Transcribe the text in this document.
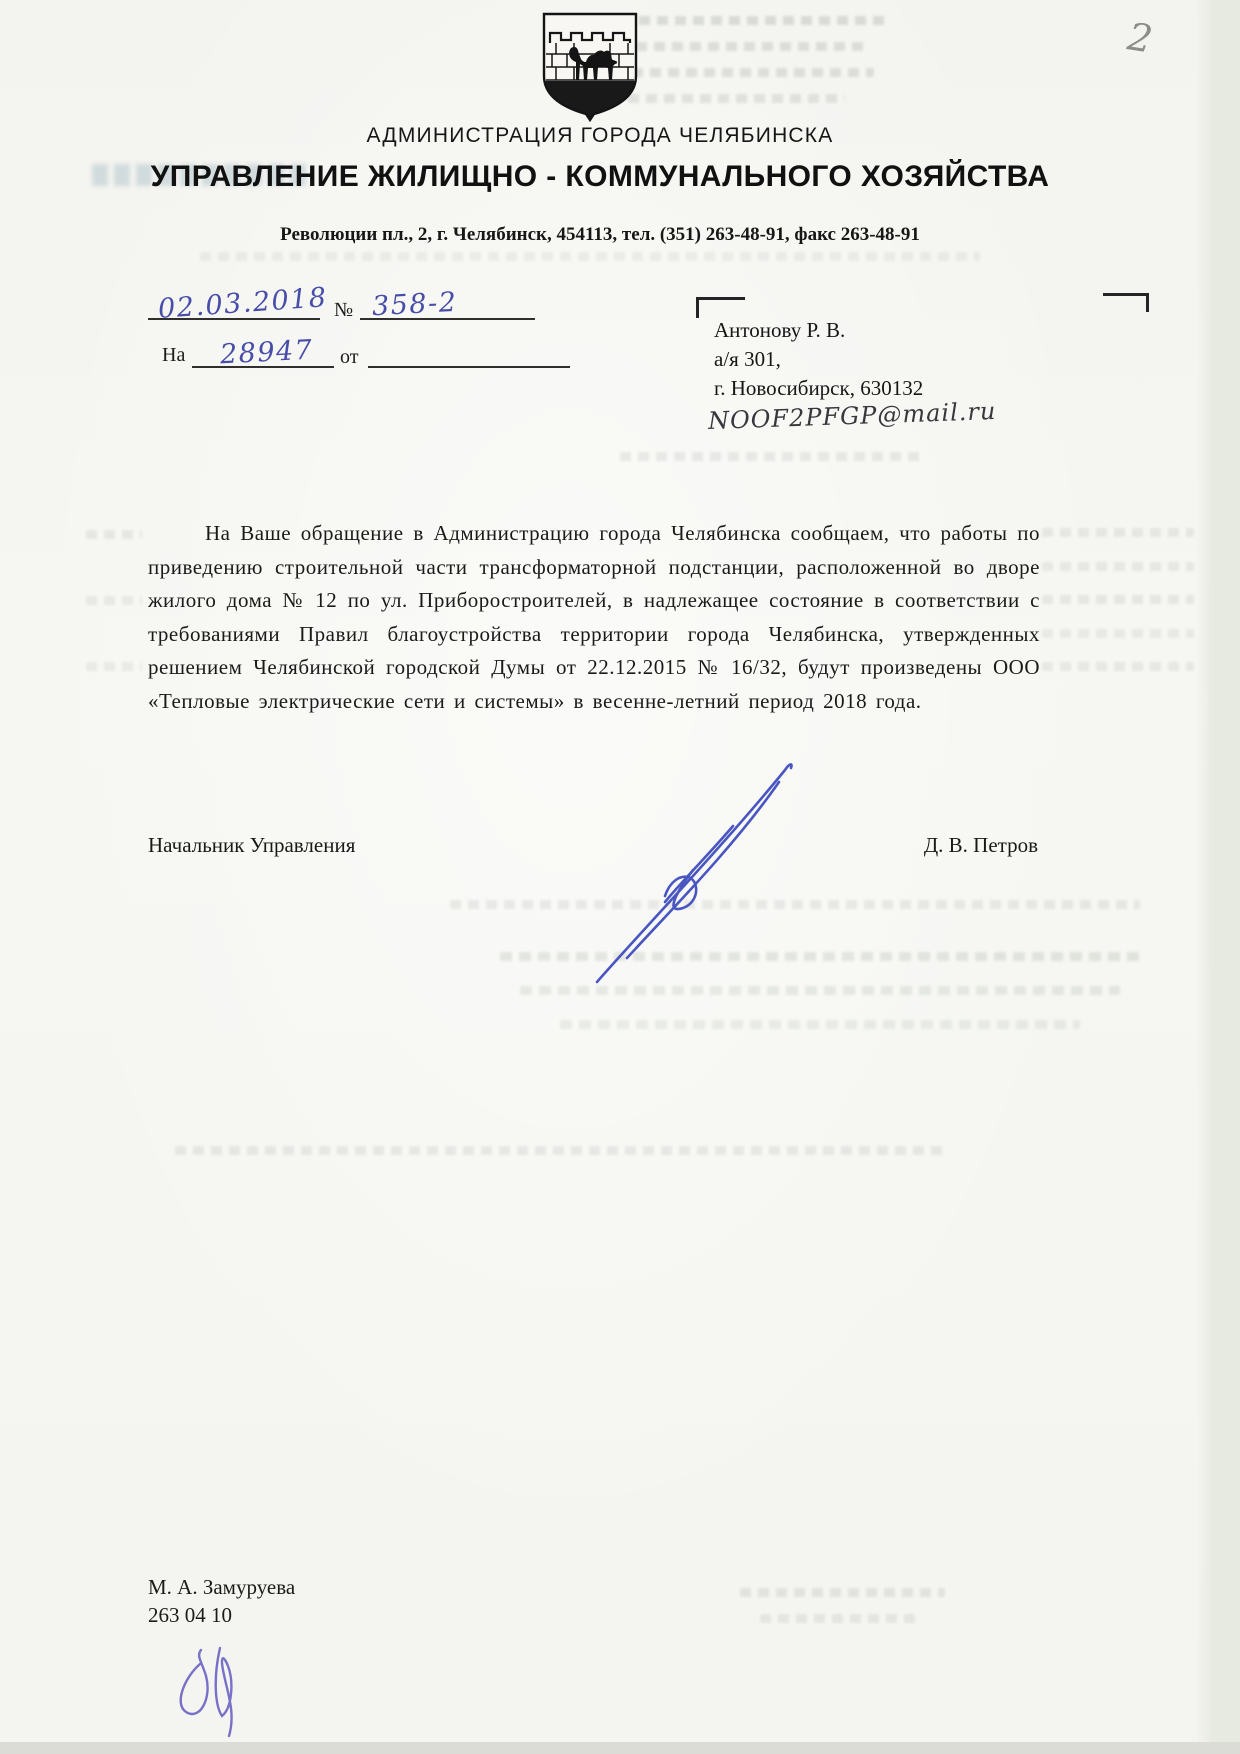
2
АДМИНИСТРАЦИЯ ГОРОДА ЧЕЛЯБИНСКА
УПРАВЛЕНИЕ ЖИЛИЩНО - КОММУНАЛЬНОГО ХОЗЯЙСТВА
Революции пл., 2, г. Челябинск, 454113, тел. (351) 263-48-91, факс 263-48-91
02.03.2018 № 358-2
На 28947 от
Антонову Р. В.
а/я 301,
г. Новосибирск, 630132
NOOF2PFGP@mail.ru
На Ваше обращение в Администрацию города Челябинска сообщаем, что работы по приведению строительной части трансформаторной подстанции, расположенной во дворе жилого дома № 12 по ул. Приборостроителей, в надлежащее состояние в соответствии с требованиями Правил благоустройства территории города Челябинска, утвержденных решением Челябинской городской Думы от 22.12.2015 № 16/32, будут произведены ООО «Тепловые электрические сети и системы» в весенне-летний период 2018 года.
Начальник Управления	Д. В. Петров
М. А. Замуруева
263 04 10
